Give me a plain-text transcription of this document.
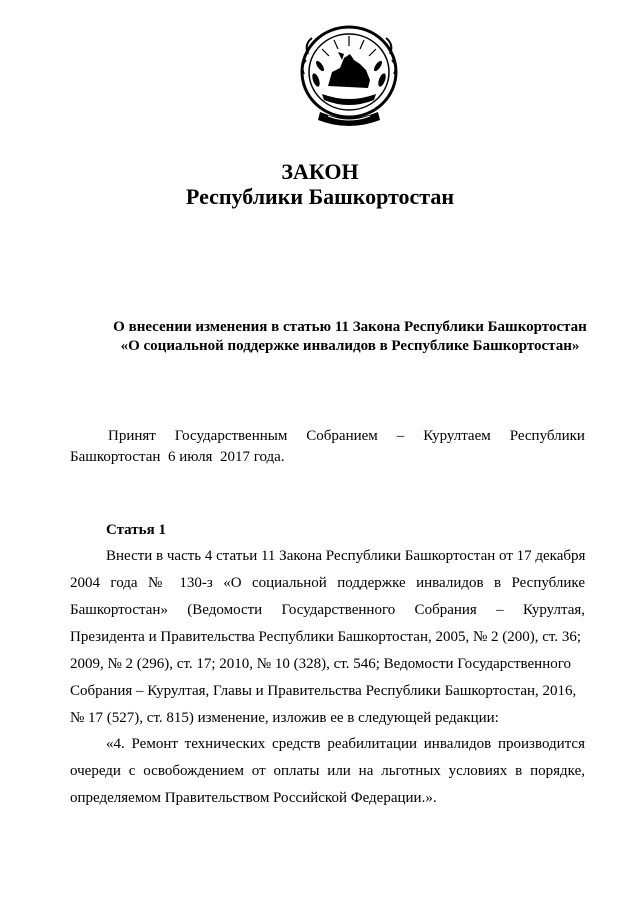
ЗАКОН
Республики Башкортостан
О внесении изменения в статью 11 Закона Республики Башкортостан
«О социальной поддержке инвалидов в Республике Башкортостан»
Принят Государственным Собранием – Курултаем Республики
Башкортостан  6 июля  2017 года.
Статья 1
Внести в часть 4 статьи 11 Закона Республики Башкортостан от 17 декабря
2004 года № 130-з «О социальной поддержке инвалидов в Республике
Башкортостан» (Ведомости Государственного Собрания – Курултая,
Президента и Правительства Республики Башкортостан, 2005, № 2 (200), ст. 36;
2009, № 2 (296), ст. 17; 2010, № 10 (328), ст. 546; Ведомости Государственного
Собрания – Курултая, Главы и Правительства Республики Башкортостан, 2016,
№ 17 (527), ст. 815) изменение, изложив ее в следующей редакции:
«4. Ремонт технических средств реабилитации инвалидов производится
очереди с освобождением от оплаты или на льготных условиях в порядке,
определяемом Правительством Российской Федерации.».
